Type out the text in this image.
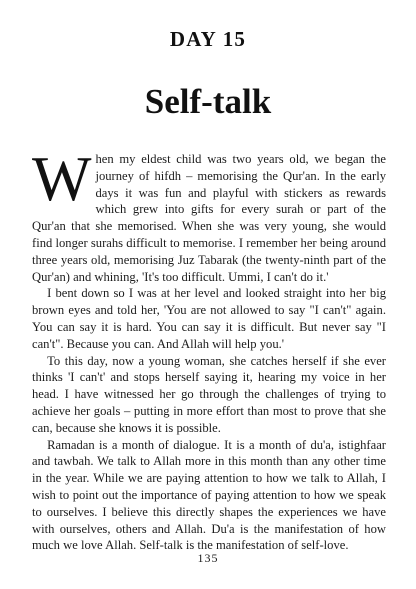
DAY 15
Self-talk

When my eldest child was two years old, we began the journey of hifdh – memorising the Qur'an. In the early days it was fun and playful with stickers as rewards which grew into gifts for every surah or part of the Qur'an that she memorised. When she was very young, she would find longer surahs difficult to memorise. I remember her being around three years old, memorising Juz Tabarak (the twenty-ninth part of the Qur'an) and whining, 'It's too difficult. Ummi, I can't do it.'

I bent down so I was at her level and looked straight into her big brown eyes and told her, 'You are not allowed to say "I can't" again. You can say it is hard. You can say it is difficult. But never say "I can't". Because you can. And Allah will help you.'

To this day, now a young woman, she catches herself if she ever thinks 'I can't' and stops herself saying it, hearing my voice in her head. I have witnessed her go through the challenges of trying to achieve her goals – putting in more effort than most to prove that she can, because she knows it is possible.

Ramadan is a month of dialogue. It is a month of du'a, istighfaar and tawbah. We talk to Allah more in this month than any other time in the year. While we are paying attention to how we talk to Allah, I wish to point out the importance of paying attention to how we speak to ourselves. I believe this directly shapes the experiences we have with ourselves, others and Allah. Du'a is the manifestation of how much we love Allah. Self-talk is the manifestation of self-love.

135
